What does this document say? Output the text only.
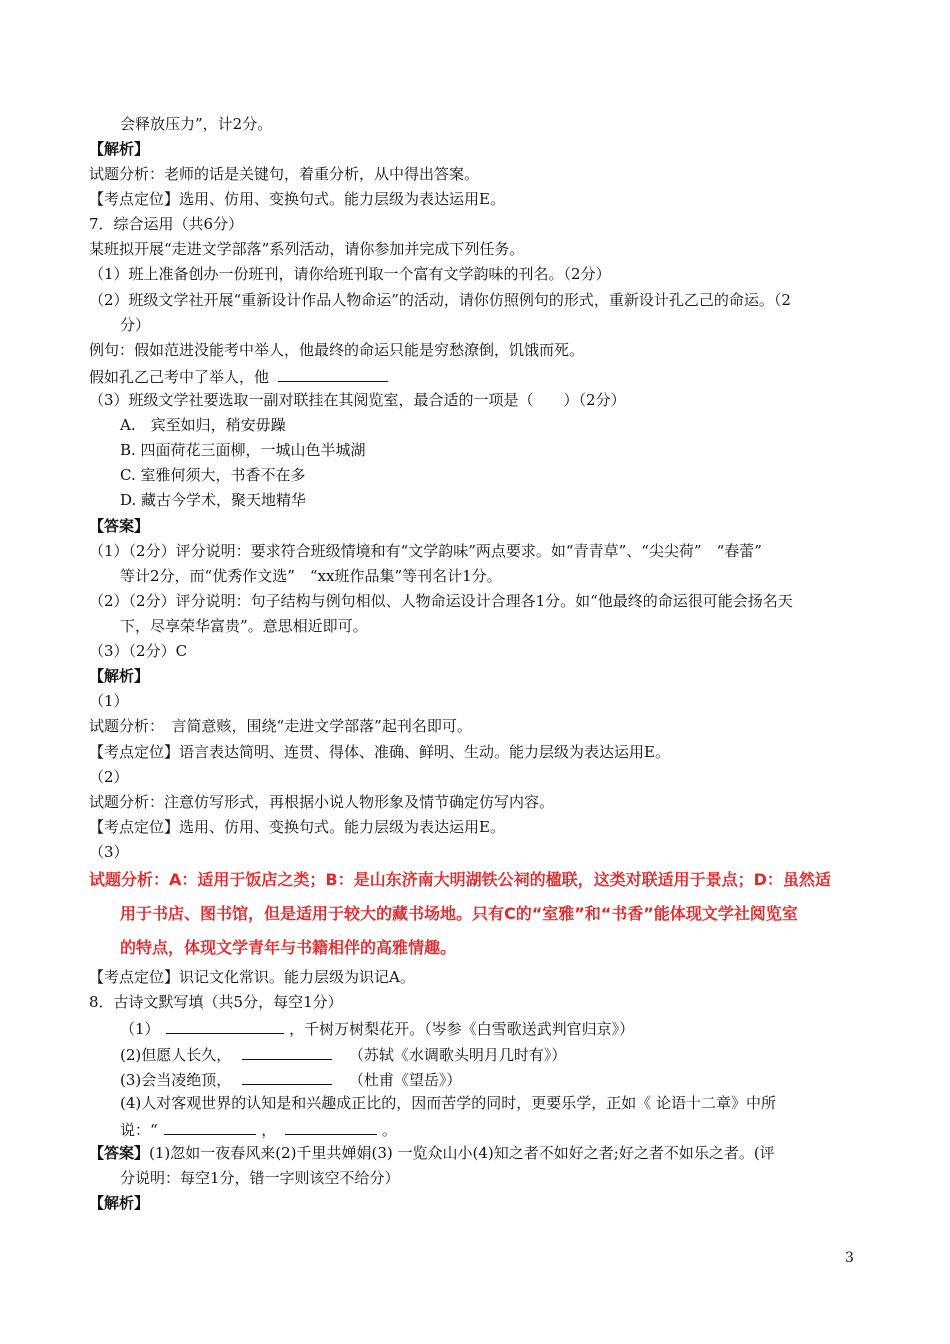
会释放压力”，计2分。
【解析】
试题分析：老师的话是关键句，着重分析，从中得出答案。
【考点定位】选用、仿用、变换句式。能力层级为表达运用E。
7．综合运用（共6分）
某班拟开展“走进文学部落”系列活动，请你参加并完成下列任务。
（1）班上准备创办一份班刊，请你给班刊取一个富有文学韵味的刊名。（2分）
（2）班级文学社开展“重新设计作品人物命运”的活动，请你仿照例句的形式，重新设计孔乙己的命运。（2
分）
例句：假如范进没能考中举人，他最终的命运只能是穷愁潦倒，饥饿而死。
假如孔乙己考中了举人，他
（3）班级文学社要选取一副对联挂在其阅览室，最合适的一项是（　　）（2分）
A.　宾至如归，稍安毋躁
B. 四面荷花三面柳，一城山色半城湖
C. 室雅何须大，书香不在多
D. 藏古今学术，聚天地精华
【答案】
（1）（2分）评分说明：要求符合班级情境和有“文学韵味”两点要求。如“青青草”、“尖尖荷”　“春蕾”
等计2分，而“优秀作文选”　“xx班作品集”等刊名计1分。
（2）（2分）评分说明：句子结构与例句相似、人物命运设计合理各1分。如“他最终的命运很可能会扬名天
下，尽享荣华富贵”。意思相近即可。
（3）（2分）C
【解析】
（1）
试题分析：　言简意赅，围绕“走进文学部落”起刊名即可。
【考点定位】语言表达简明、连贯、得体、准确、鲜明、生动。能力层级为表达运用E。
（2）
试题分析：注意仿写形式，再根据小说人物形象及情节确定仿写内容。
【考点定位】选用、仿用、变换句式。能力层级为表达运用E。
（3）
试题分析：A：适用于饭店之类；B：是山东济南大明湖铁公祠的楹联，这类对联适用于景点；D：虽然适
用于书店、图书馆，但是适用于较大的藏书场地。只有C的“室雅”和“书香”能体现文学社阅览室
的特点，体现文学青年与书籍相伴的高雅情趣。
【考点定位】识记文化常识。能力层级为识记A。
8．古诗文默写填（共5分，每空1分）
（1）	，千树万树梨花开。（岑参《白雪歌送武判官归京》）
(2)但愿人长久，	（苏轼《水调歌头明月几时有》）
(3)会当凌绝顶，	（杜甫《望岳》）
(4)人对客观世界的认知是和兴趣成正比的，因而苦学的同时，更要乐学，正如《 论语十二章》中所
说：“	，	。
【答案】(1)忽如一夜春风来(2)千里共婵娟(3) 一览众山小(4)知之者不如好之者;好之者不如乐之者。(评
分说明：每空1分，错一字则该空不给分）
【解析】
3
